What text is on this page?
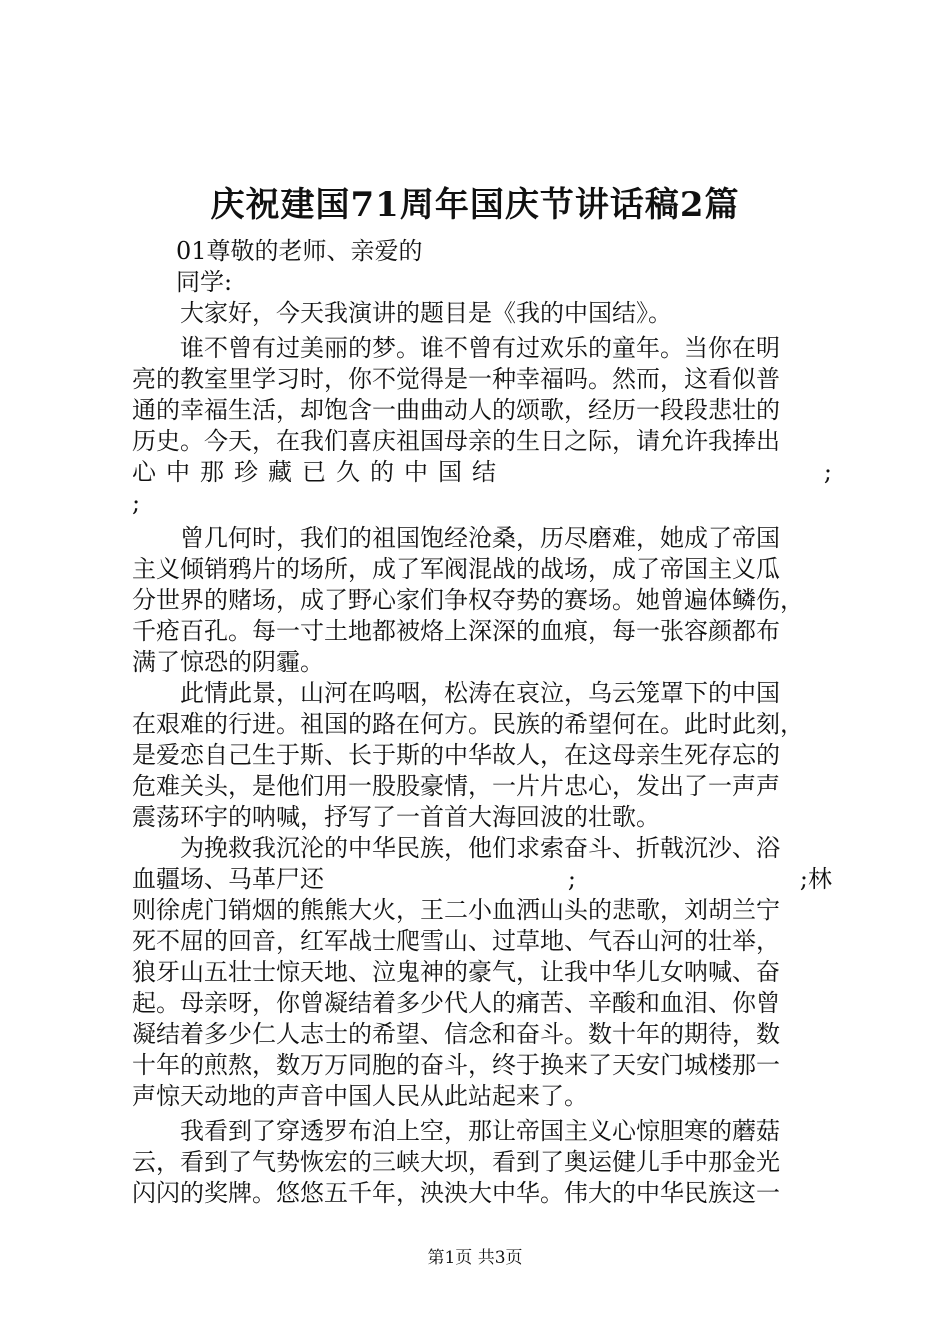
庆祝建国71周年国庆节讲话稿2篇
01尊敬的老师、亲爱的
同学:
大家好，今天我演讲的题目是《我的中国结》。
谁不曾有过美丽的梦。谁不曾有过欢乐的童年。当你在明
亮的教室里学习时，你不觉得是一种幸福吗。然而，这看似普
通的幸福生活，却饱含一曲曲动人的颂歌，经历一段段悲壮的
历史。今天，在我们喜庆祖国母亲的生日之际，请允许我捧出
心中那珍藏已久的中国结	;
;
曾几何时，我们的祖国饱经沧桑，历尽磨难，她成了帝国
主义倾销鸦片的场所，成了军阀混战的战场，成了帝国主义瓜
分世界的赌场，成了野心家们争权夺势的赛场。她曾遍体鳞伤，
千疮百孔。每一寸土地都被烙上深深的血痕，每一张容颜都布
满了惊恐的阴霾。
此情此景，山河在呜咽，松涛在哀泣，乌云笼罩下的中国
在艰难的行进。祖国的路在何方。民族的希望何在。此时此刻，
是爱恋自己生于斯、长于斯的中华故人，在这母亲生死存忘的
危难关头，是他们用一股股豪情，一片片忠心，发出了一声声
震荡环宇的呐喊，抒写了一首首大海回波的壮歌。
为挽救我沉沦的中华民族，他们求索奋斗、折戟沉沙、浴
血疆场、马革尸还	;	;林
则徐虎门销烟的熊熊大火，王二小血洒山头的悲歌，刘胡兰宁
死不屈的回音，红军战士爬雪山、过草地、气吞山河的壮举，
狼牙山五壮士惊天地、泣鬼神的豪气，让我中华儿女呐喊、奋
起。母亲呀，你曾凝结着多少代人的痛苦、辛酸和血泪、你曾
凝结着多少仁人志士的希望、信念和奋斗。数十年的期待，数
十年的煎熬，数万万同胞的奋斗，终于换来了天安门城楼那一
声惊天动地的声音中国人民从此站起来了。
我看到了穿透罗布泊上空，那让帝国主义心惊胆寒的蘑菇
云，看到了气势恢宏的三峡大坝，看到了奥运健儿手中那金光
闪闪的奖牌。悠悠五千年，泱泱大中华。伟大的中华民族这一
第1页 共3页
